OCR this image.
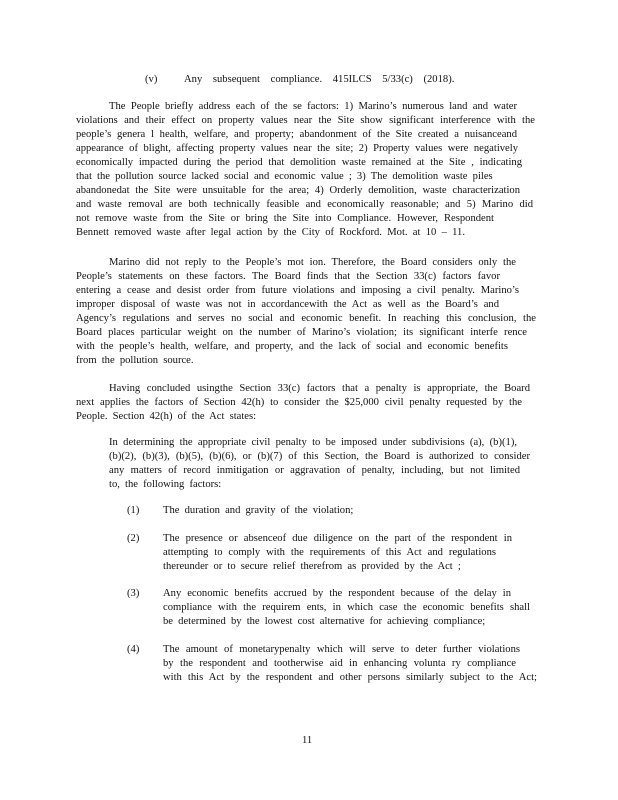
(v)	Any subsequent compliance. 415ILCS 5/33(c) (2018).
The People briefly address each of the se factors: 1) Marino’s numerous land and water
violations and their effect on property values near the Site show significant interference with the
people’s genera l health, welfare, and property; abandonment of the Site created a nuisanceand
appearance of blight, affecting property values near the site; 2) Property values were negatively
economically impacted during the period that demolition waste remained at the Site , indicating
that the pollution source lacked social and economic value ; 3) The demolition waste piles
abandonedat the Site were unsuitable for the area; 4) Orderly demolition, waste characterization
and waste removal are both technically feasible and economically reasonable; and 5) Marino did
not remove waste from the Site or bring the Site into Compliance. However, Respondent
Bennett removed waste after legal action by the City of Rockford. Mot. at 10 – 11.
Marino did not reply to the People’s mot ion. Therefore, the Board considers only the
People’s statements on these factors. The Board finds that the Section 33(c) factors favor
entering a cease and desist order from future violations and imposing a civil penalty. Marino’s
improper disposal of waste was not in accordancewith the Act as well as the Board’s and
Agency’s regulations and serves no social and economic benefit. In reaching this conclusion, the
Board places particular weight on the number of Marino’s violation; its significant interfe rence
with the people’s health, welfare, and property, and the lack of social and economic benefits
from the pollution source.
Having concluded usingthe Section 33(c) factors that a penalty is appropriate, the Board
next applies the factors of Section 42(h) to consider the $25,000 civil penalty requested by the
People. Section 42(h) of the Act states:
In determining the appropriate civil penalty to be imposed under subdivisions (a), (b)(1),
(b)(2), (b)(3), (b)(5), (b)(6), or (b)(7) of this Section, the Board is authorized to consider
any matters of record inmitigation or aggravation of penalty, including, but not limited
to, the following factors:
(1) The duration and gravity of the violation;
(2) The presence or absenceof due diligence on the part of the respondent in
attempting to comply with the requirements of this Act and regulations
thereunder or to secure relief therefrom as provided by the Act ;
(3) Any economic benefits accrued by the respondent because of the delay in
compliance with the requirem ents, in which case the economic benefits shall
be determined by the lowest cost alternative for achieving compliance;
(4) The amount of monetarypenalty which will serve to deter further violations
by the respondent and tootherwise aid in enhancing volunta ry compliance
with this Act by the respondent and other persons similarly subject to the Act;
11
